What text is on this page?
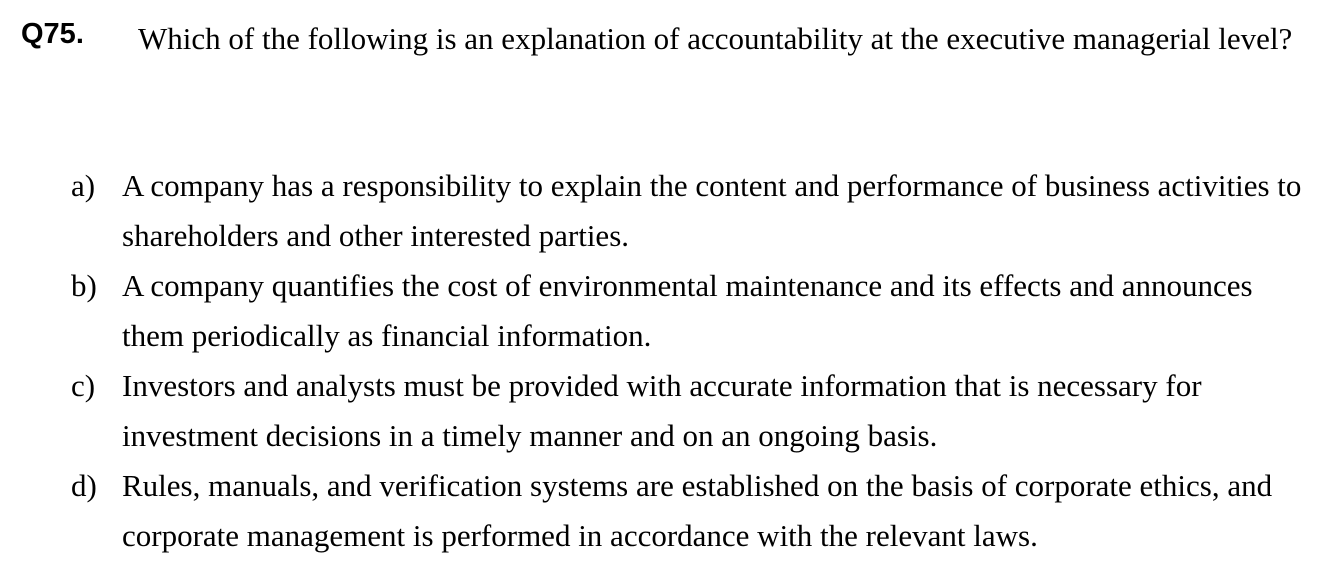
Q75.	Which of the following is an explanation of accountability at the executive managerial level?
a) A company has a responsibility to explain the content and performance of business activities to shareholders and other interested parties.
b) A company quantifies the cost of environmental maintenance and its effects and announces them periodically as financial information.
c) Investors and analysts must be provided with accurate information that is necessary for investment decisions in a timely manner and on an ongoing basis.
d) Rules, manuals, and verification systems are established on the basis of corporate ethics, and corporate management is performed in accordance with the relevant laws.
